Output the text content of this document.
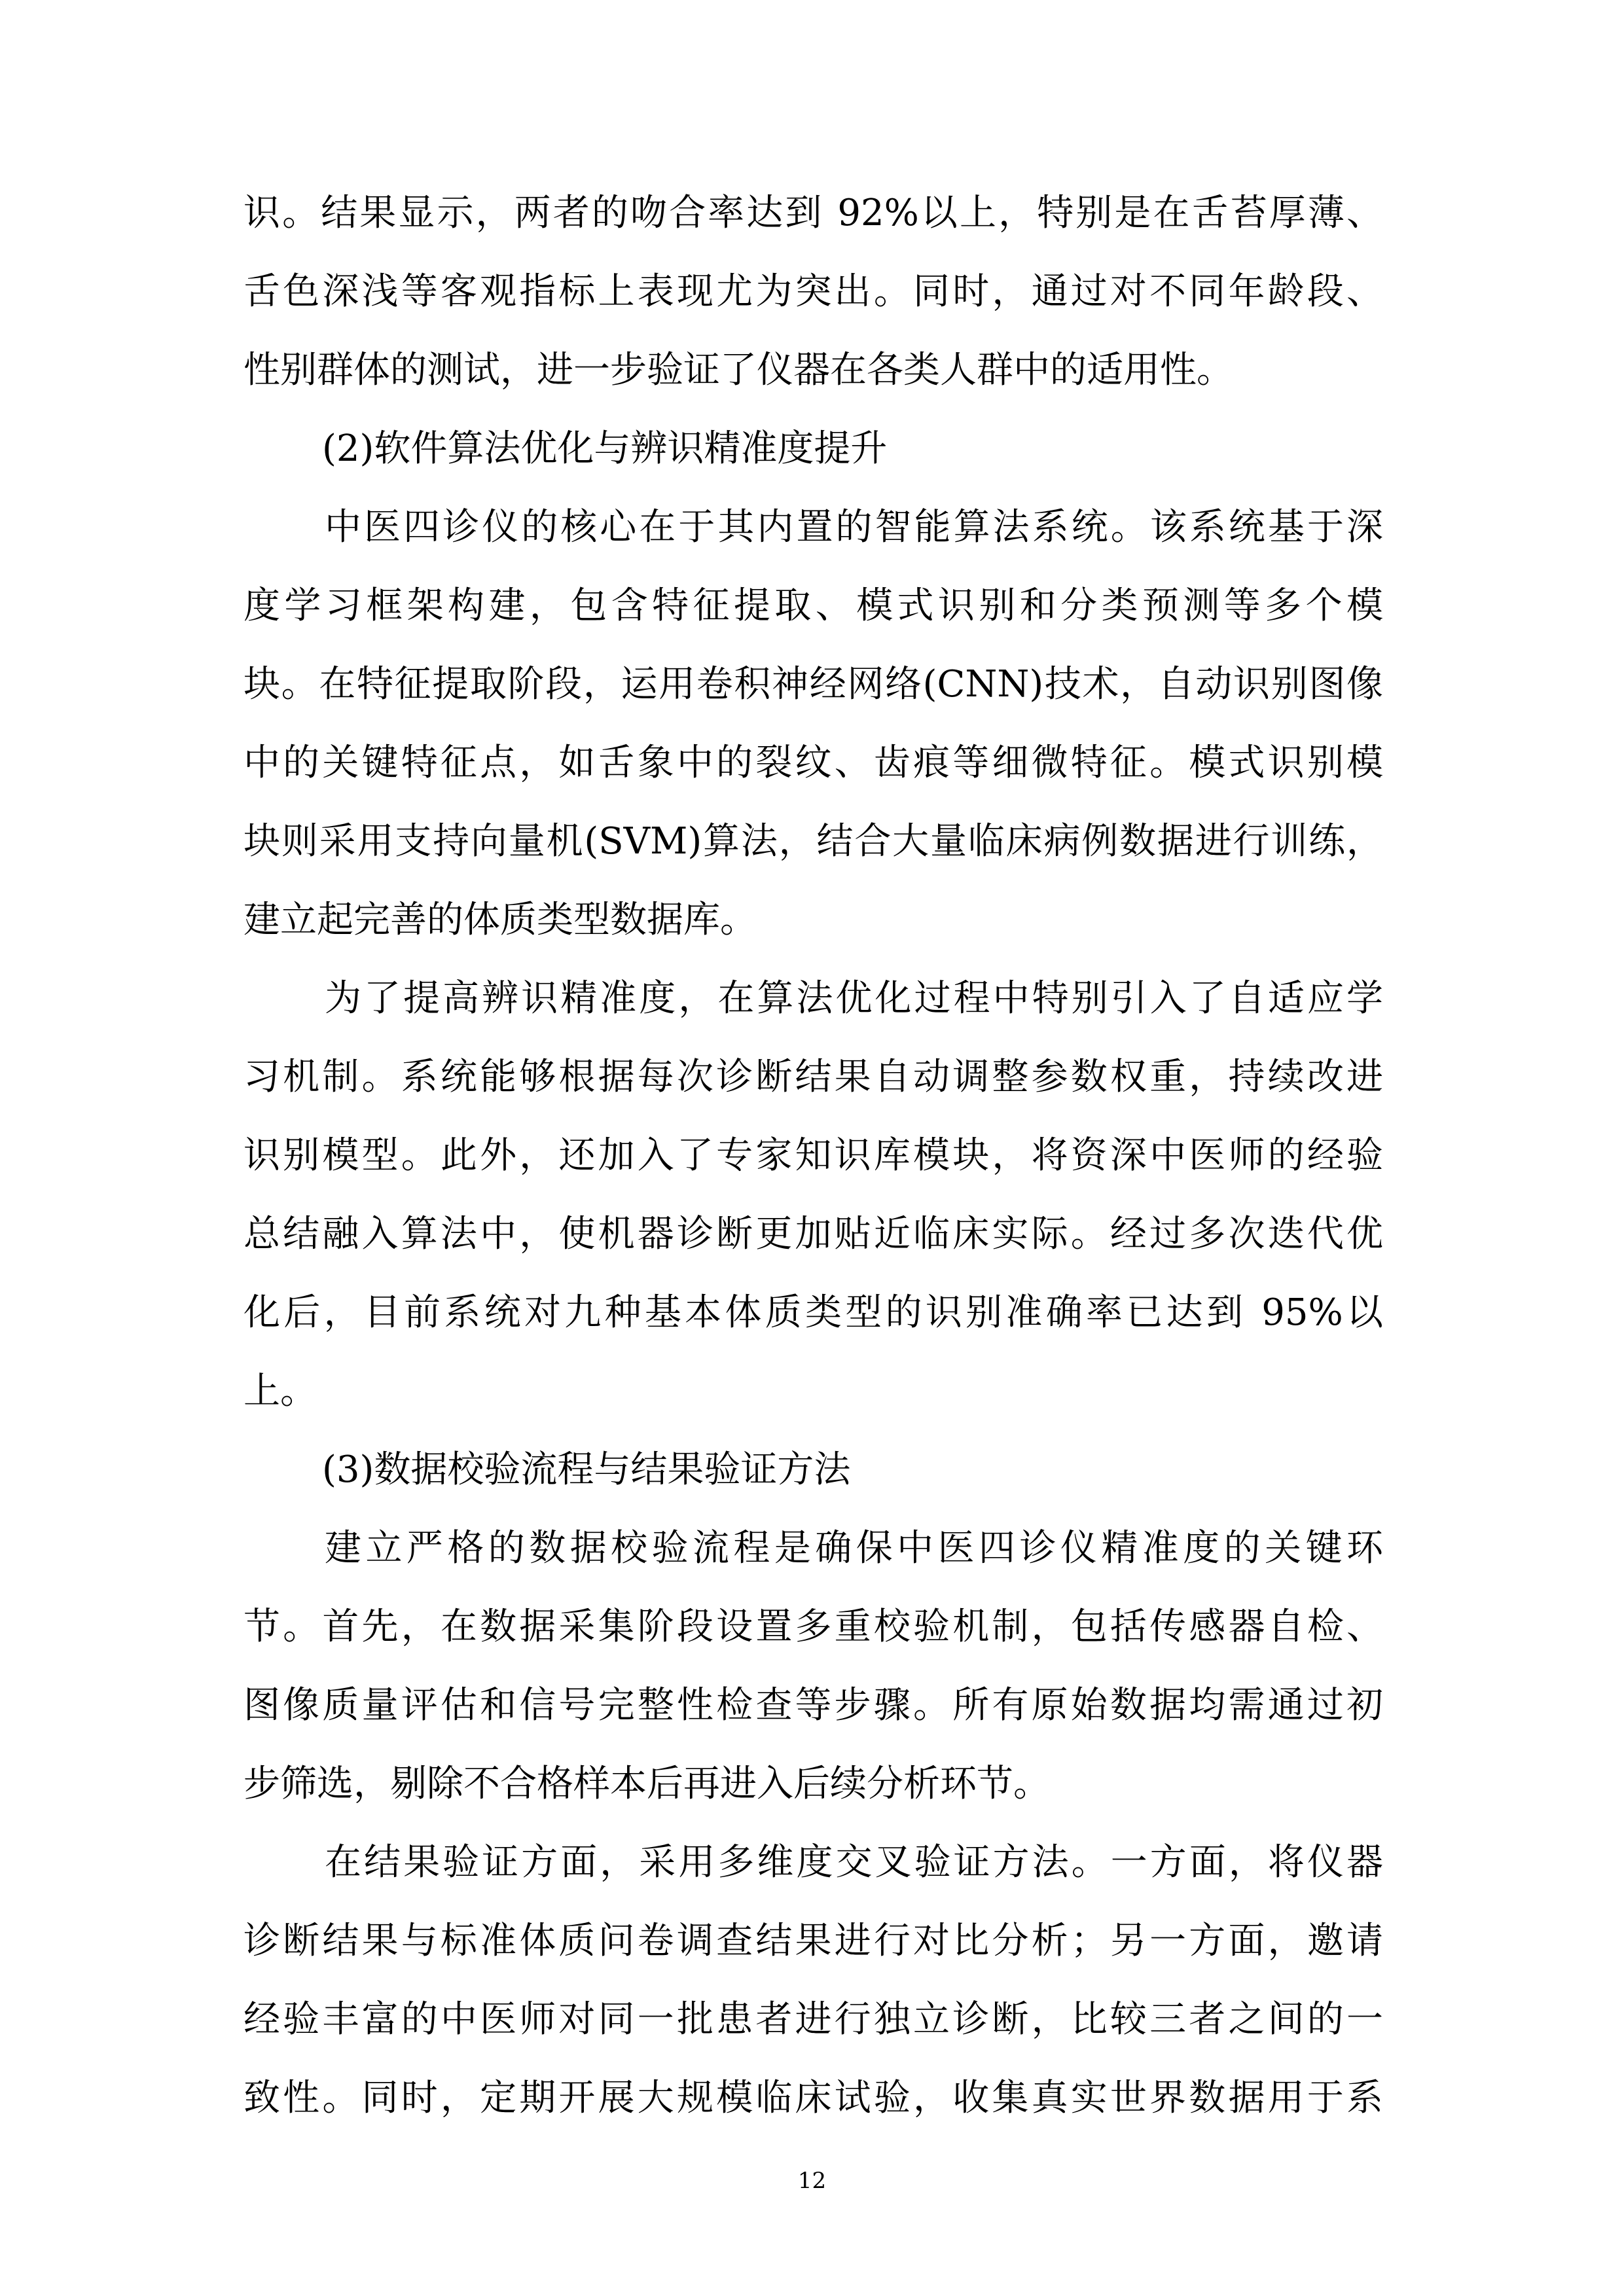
识。结果显示，两者的吻合率达到 92%以上，特别是在舌苔厚薄、
舌色深浅等客观指标上表现尤为突出。同时，通过对不同年龄段、
性别群体的测试，进一步验证了仪器在各类人群中的适用性。
(2)软件算法优化与辨识精准度提升
中医四诊仪的核心在于其内置的智能算法系统。该系统基于深
度学习框架构建，包含特征提取、模式识别和分类预测等多个模
块。在特征提取阶段，运用卷积神经网络(CNN)技术，自动识别图像
中的关键特征点，如舌象中的裂纹、齿痕等细微特征。模式识别模
块则采用支持向量机(SVM)算法，结合大量临床病例数据进行训练，
建立起完善的体质类型数据库。
为了提高辨识精准度，在算法优化过程中特别引入了自适应学
习机制。系统能够根据每次诊断结果自动调整参数权重，持续改进
识别模型。此外，还加入了专家知识库模块，将资深中医师的经验
总结融入算法中，使机器诊断更加贴近临床实际。经过多次迭代优
化后，目前系统对九种基本体质类型的识别准确率已达到 95%以
上。
(3)数据校验流程与结果验证方法
建立严格的数据校验流程是确保中医四诊仪精准度的关键环
节。首先，在数据采集阶段设置多重校验机制，包括传感器自检、
图像质量评估和信号完整性检查等步骤。所有原始数据均需通过初
步筛选，剔除不合格样本后再进入后续分析环节。
在结果验证方面，采用多维度交叉验证方法。一方面，将仪器
诊断结果与标准体质问卷调查结果进行对比分析；另一方面，邀请
经验丰富的中医师对同一批患者进行独立诊断，比较三者之间的一
致性。同时，定期开展大规模临床试验，收集真实世界数据用于系
12
